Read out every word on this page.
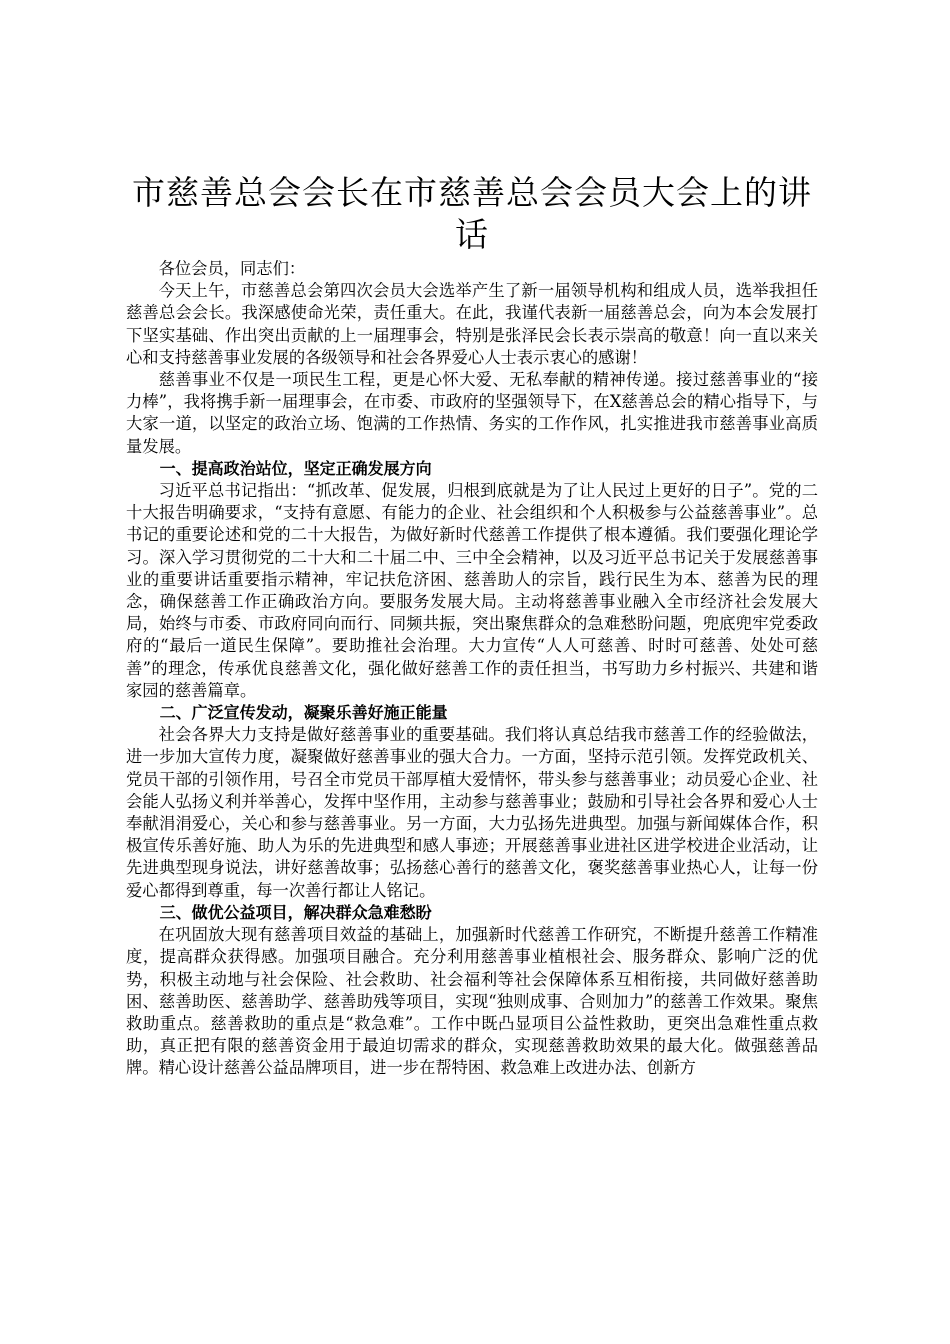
市慈善总会会长在市慈善总会会员大会上的讲话

各位会员，同志们：

今天上午，市慈善总会第四次会员大会选举产生了新一届领导机构和组成人员，选举我担任慈善总会会长。我深感使命光荣，责任重大。在此，我谨代表新一届慈善总会，向为本会发展打下坚实基础、作出突出贡献的上一届理事会，特别是张泽民会长表示崇高的敬意！向一直以来关心和支持慈善事业发展的各级领导和社会各界爱心人士表示衷心的感谢！

慈善事业不仅是一项民生工程，更是心怀大爱、无私奉献的精神传递。接过慈善事业的“接力棒”，我将携手新一届理事会，在市委、市政府的坚强领导下，在X慈善总会的精心指导下，与大家一道，以坚定的政治立场、饱满的工作热情、务实的工作作风，扎实推进我市慈善事业高质量发展。

一、提高政治站位，坚定正确发展方向

习近平总书记指出：“抓改革、促发展，归根到底就是为了让人民过上更好的日子”。党的二十大报告明确要求，“支持有意愿、有能力的企业、社会组织和个人积极参与公益慈善事业”。总书记的重要论述和党的二十大报告，为做好新时代慈善工作提供了根本遵循。我们要强化理论学习。深入学习贯彻党的二十大和二十届二中、三中全会精神，以及习近平总书记关于发展慈善事业的重要讲话重要指示精神，牢记扶危济困、慈善助人的宗旨，践行民生为本、慈善为民的理念，确保慈善工作正确政治方向。要服务发展大局。主动将慈善事业融入全市经济社会发展大局，始终与市委、市政府同向而行、同频共振，突出聚焦群众的急难愁盼问题，兜底兜牢党委政府的“最后一道民生保障”。要助推社会治理。大力宣传“人人可慈善、时时可慈善、处处可慈善”的理念，传承优良慈善文化，强化做好慈善工作的责任担当，书写助力乡村振兴、共建和谐家园的慈善篇章。

二、广泛宣传发动，凝聚乐善好施正能量

社会各界大力支持是做好慈善事业的重要基础。我们将认真总结我市慈善工作的经验做法，进一步加大宣传力度，凝聚做好慈善事业的强大合力。一方面，坚持示范引领。发挥党政机关、党员干部的引领作用，号召全市党员干部厚植大爱情怀，带头参与慈善事业；动员爱心企业、社会能人弘扬义利并举善心，发挥中坚作用，主动参与慈善事业；鼓励和引导社会各界和爱心人士奉献涓涓爱心，关心和参与慈善事业。另一方面，大力弘扬先进典型。加强与新闻媒体合作，积极宣传乐善好施、助人为乐的先进典型和感人事迹；开展慈善事业进社区进学校进企业活动，让先进典型现身说法，讲好慈善故事；弘扬慈心善行的慈善文化，褒奖慈善事业热心人，让每一份爱心都得到尊重，每一次善行都让人铭记。

三、做优公益项目，解决群众急难愁盼

在巩固放大现有慈善项目效益的基础上，加强新时代慈善工作研究，不断提升慈善工作精准度，提高群众获得感。加强项目融合。充分利用慈善事业植根社会、服务群众、影响广泛的优势，积极主动地与社会保险、社会救助、社会福利等社会保障体系互相衔接，共同做好慈善助困、慈善助医、慈善助学、慈善助残等项目，实现“独则成事、合则加力”的慈善工作效果。聚焦救助重点。慈善救助的重点是“救急难”。工作中既凸显项目公益性救助，更突出急难性重点救助，真正把有限的慈善资金用于最迫切需求的群众，实现慈善救助效果的最大化。做强慈善品牌。精心设计慈善公益品牌项目，进一步在帮特困、救急难上改进办法、创新方
